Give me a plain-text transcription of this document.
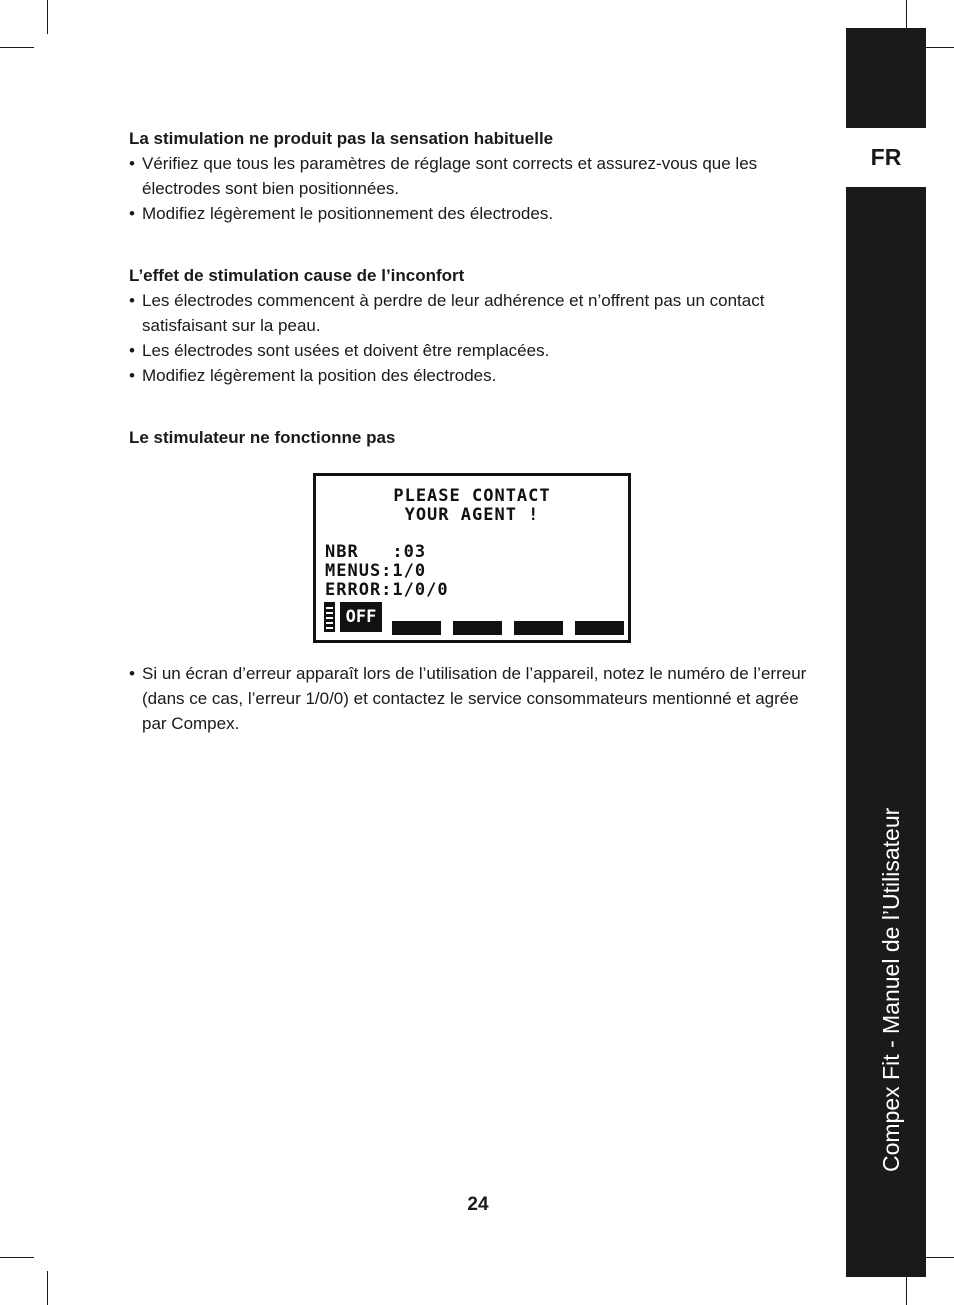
FR
Compex Fit - Manuel de l’Utilisateur
La stimulation ne produit pas la sensation habituelle
• Vérifiez que tous les paramètres de réglage sont corrects et assurez-vous que les électrodes sont bien positionnées.
• Modifiez légèrement le positionnement des électrodes.
L’effet de stimulation cause de l’inconfort
• Les électrodes commencent à perdre de leur adhérence et n’offrent pas un contact satisfaisant sur la peau.
• Les électrodes sont usées et doivent être remplacées.
• Modifiez légèrement la position des électrodes.
Le stimulateur ne fonctionne pas
PLEASE CONTACT
YOUR AGENT !
NBR   :03
MENUS:1/0
ERROR:1/0/0
OFF

• Si un écran d’erreur apparaît lors de l’utilisation de l’appareil, notez le numéro de l’erreur (dans ce cas, l’erreur 1/0/0) et contactez le service consommateurs mentionné et agrée par Compex.

24
